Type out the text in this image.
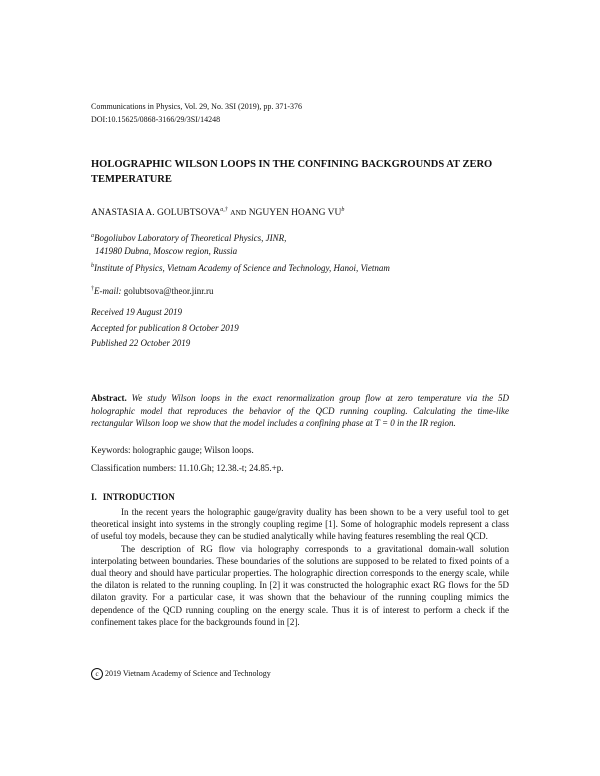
Communications in Physics, Vol. 29, No. 3SI (2019), pp. 371-376
DOI:10.15625/0868-3166/29/3SI/14248
HOLOGRAPHIC WILSON LOOPS IN THE CONFINING BACKGROUNDS AT ZERO TEMPERATURE
ANASTASIA A. $GOLUBTSOVA^{a,\dagger}$ AND NGUYEN HOANG $VU^b$
$^a$Bogoliubov Laboratory of Theoretical Physics, JINR,
141980 Dubna, Moscow region, Russia
$^b$Institute of Physics, Vietnam Academy of Science and Technology, Hanoi, Vietnam
†E-mail: golubtsova@theor.jinr.ru
Received 19 August 2019
Accepted for publication 8 October 2019
Published 22 October 2019
Abstract. We study Wilson loops in the exact renormalization group flow at zero temperature via the 5D holographic model that reproduces the behavior of the QCD running coupling. Calculating the time-like rectangular Wilson loop we show that the model includes a confining phase at T = 0 in the IR region.
Keywords: holographic gauge; Wilson loops.
Classification numbers: 11.10.Gh; 12.38.-t; 24.85.+p.
I. INTRODUCTION

In the recent years the holographic gauge/gravity duality has been shown to be a very useful tool to get theoretical insight into systems in the strongly coupling regime [1]. Some of holographic models represent a class of useful toy models, because they can be studied analytically while having features resembling the real QCD.

The description of RG flow via holography corresponds to a gravitational domain-wall solution interpolating between boundaries. These boundaries of the solutions are supposed to be related to fixed points of a dual theory and should have particular properties. The holographic direction corresponds to the energy scale, while the dilaton is related to the running coupling. In [2] it was constructed the holographic exact RG flows for the 5D dilaton gravity. For a particular case, it was shown that the behaviour of the running coupling mimics the dependence of the QCD running coupling on the energy scale. Thus it is of interest to perform a check if the confinement takes place for the backgrounds found in [2].

c 2019 Vietnam Academy of Science and Technology
